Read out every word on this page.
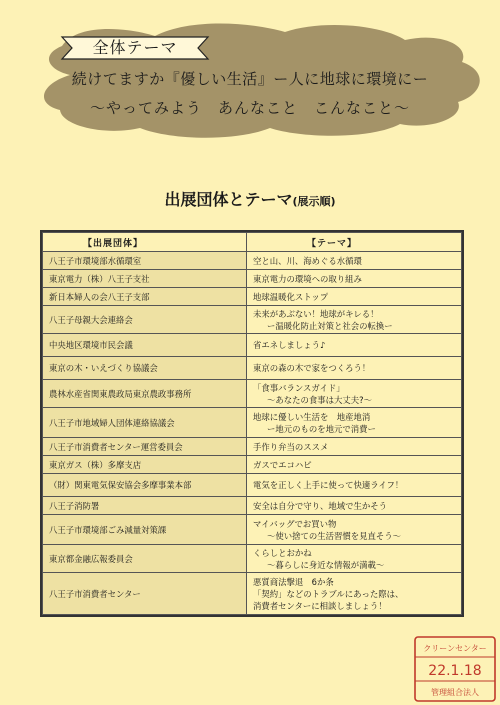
全体テーマ
続けてますか『優しい生活』ー人に地球に環境にー
〜やってみよう　あんなこと　こんなこと〜
出展団体とテーマ(展示順)
【出展団体】	【テーマ】
八王子市環境部水循環室	空と山、川、海めぐる水循環

東京電力（株）八王子支社	東京電力の環境への取り組み

新日本婦人の会八王子支部	地球温暖化ストップ

八王子母親大会連絡会	未来があぶない！地球がキレる！
ー温暖化防止対策と社会の転換ー

中央地区環境市民会議	省エネしましょう♪

東京の木・いえづくり協議会	東京の森の木で家をつくろう！

農林水産省関東農政局東京農政事務所	「食事バランスガイド」
〜あなたの食事は大丈夫?〜

八王子市地域婦人団体連絡協議会	地球に優しい生活を　地産地消
ー地元のものを地元で消費ー

八王子市消費者センター運営委員会	手作り弁当のススメ

東京ガス（株）多摩支店	ガスでエコハピ

（財）関東電気保安協会多摩事業本部	電気を正しく上手に使って快適ライフ！

八王子消防署	安全は自分で守り、地域で生かそう

八王子市環境部ごみ減量対策課	マイバッグでお買い物
〜使い捨ての生活習慣を見直そう〜

東京都金融広報委員会	くらしとおかね
〜暮らしに身近な情報が満載〜

八王子市消費者センター	悪質商法撃退　6か条
「契約」などのトラブルにあった際は、
消費者センターに相談しましょう！
クリーンセンター
22.1.18
管理組合法人
